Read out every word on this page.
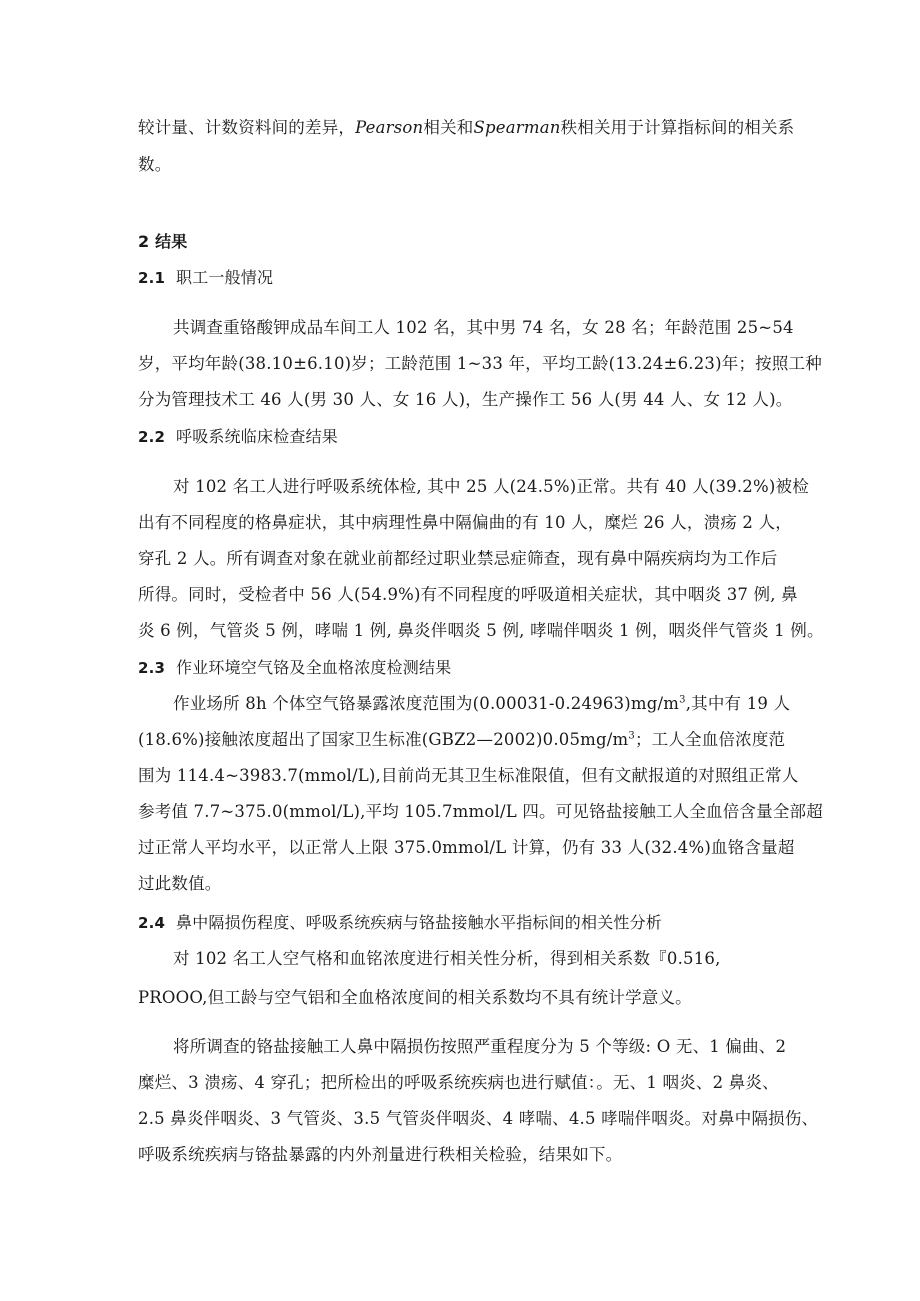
较计量、计数资料间的差异，Pearson相关和Spearman秩相关用于计算指标间的相关系
数。
2 结果
2.1 职工一般情况
共调查重铬酸钾成品车间工人 102 名，其中男 74 名，女 28 名；年龄范围 25~54
岁，平均年龄(38.10±6.10)岁；工龄范围 1~33 年，平均工龄(13.24±6.23)年；按照工种
分为管理技术工 46 人(男 30 人、女 16 人)，生产操作工 56 人(男 44 人、女 12 人)。
2.2 呼吸系统临床检查结果
对 102 名工人进行呼吸系统体检, 其中 25 人(24.5%)正常。共有 40 人(39.2%)被检
出有不同程度的格鼻症状，其中病理性鼻中隔偏曲的有 10 人，糜烂 26 人，溃疡 2 人，
穿孔 2 人。所有调查对象在就业前都经过职业禁忌症筛查，现有鼻中隔疾病均为工作后
所得。同时，受检者中 56 人(54.9%)有不同程度的呼吸道相关症状，其中咽炎 37 例, 鼻
炎 6 例，气管炎 5 例，哮喘 1 例, 鼻炎伴咽炎 5 例, 哮喘伴咽炎 1 例，咽炎伴气管炎 1 例。
2.3 作业环境空气铬及全血格浓度检测结果
作业场所 8h 个体空气铬暴露浓度范围为$(0.00031-0.24963)mg/m^3$,其中有 19 人
(18.6%)接触浓度超出了国家卫生标准$(GBZ2—2002)0.05mg/m^3$；工人全血倍浓度范
围为 114.4~3983.7(mmol/L),目前尚无其卫生标准限值，但有文献报道的对照组正常人
参考值 7.7~375.0(mmol/L),平均 105.7mmol/L 四。可见铬盐接触工人全血倍含量全部超
过正常人平均水平，以正常人上限 375.0mmol/L 计算，仍有 33 人(32.4%)血铬含量超
过此数值。
2.4 鼻中隔损伤程度、呼吸系统疾病与铬盐接触水平指标间的相关性分析
对 102 名工人空气格和血铭浓度进行相关性分析，得到相关系数『0.516,
PROOO,但工龄与空气铝和全血格浓度间的相关系数均不具有统计学意义。
将所调查的铬盐接触工人鼻中隔损伤按照严重程度分为 5 个等级: O 无、1 偏曲、2
糜烂、3 溃疡、4 穿孔；把所检出的呼吸系统疾病也进行赋值：。无、1 咽炎、2 鼻炎、
2.5 鼻炎伴咽炎、3 气管炎、3.5 气管炎伴咽炎、4 哮喘、4.5 哮喘伴咽炎。对鼻中隔损伤、
呼吸系统疾病与铬盐暴露的内外剂量进行秩相关检验，结果如下。
